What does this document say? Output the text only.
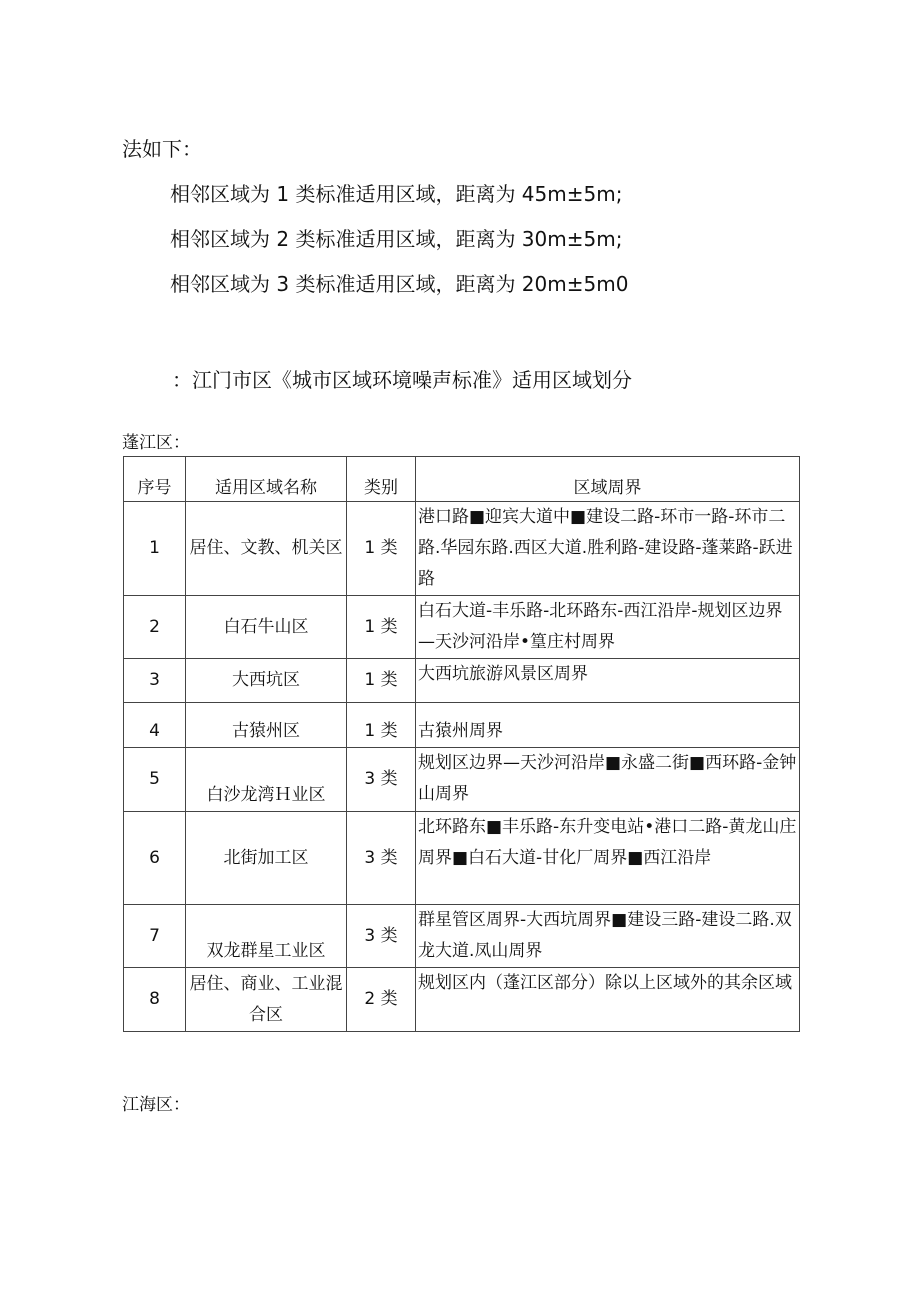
法如下：
相邻区域为 1 类标准适用区域，距离为 45m±5m;
相邻区域为 2 类标准适用区域，距离为 30m±5m;
相邻区域为 3 类标准适用区域，距离为 20m±5m0
：江门市区《城市区域环境噪声标准》适用区域划分
蓬江区：
序号	适用区域名称	类别	区域周界
1	居住、文教、机关区	1 类	港口路■迎宾大道中■建设二路-环市一路-环市二路.华园东路.西区大道.胜利路-建设路-蓬莱路-跃进路
2	白石牛山区	1 类	白石大道-丰乐路-北环路东-西江沿岸-规划区边界—天沙河沿岸•篁庄村周界
3	大西坑区	1 类	大西坑旅游风景区周界
4	古猿州区	1 类	古猿州周界
5	白沙龙湾Ｈ业区	3 类	规划区边界—天沙河沿岸■永盛二街■西环路-金钟山周界
6	北街加工区	3 类	北环路东■丰乐路-东升变电站•港口二路-黄龙山庄周界■白石大道-甘化厂周界■西江沿岸
7	双龙群星工业区	3 类	群星管区周界-大西坑周界■建设三路-建设二路.双龙大道.凤山周界
8	居住、商业、工业混合区	2 类	规划区内（蓬江区部分）除以上区域外的其余区域
江海区：
